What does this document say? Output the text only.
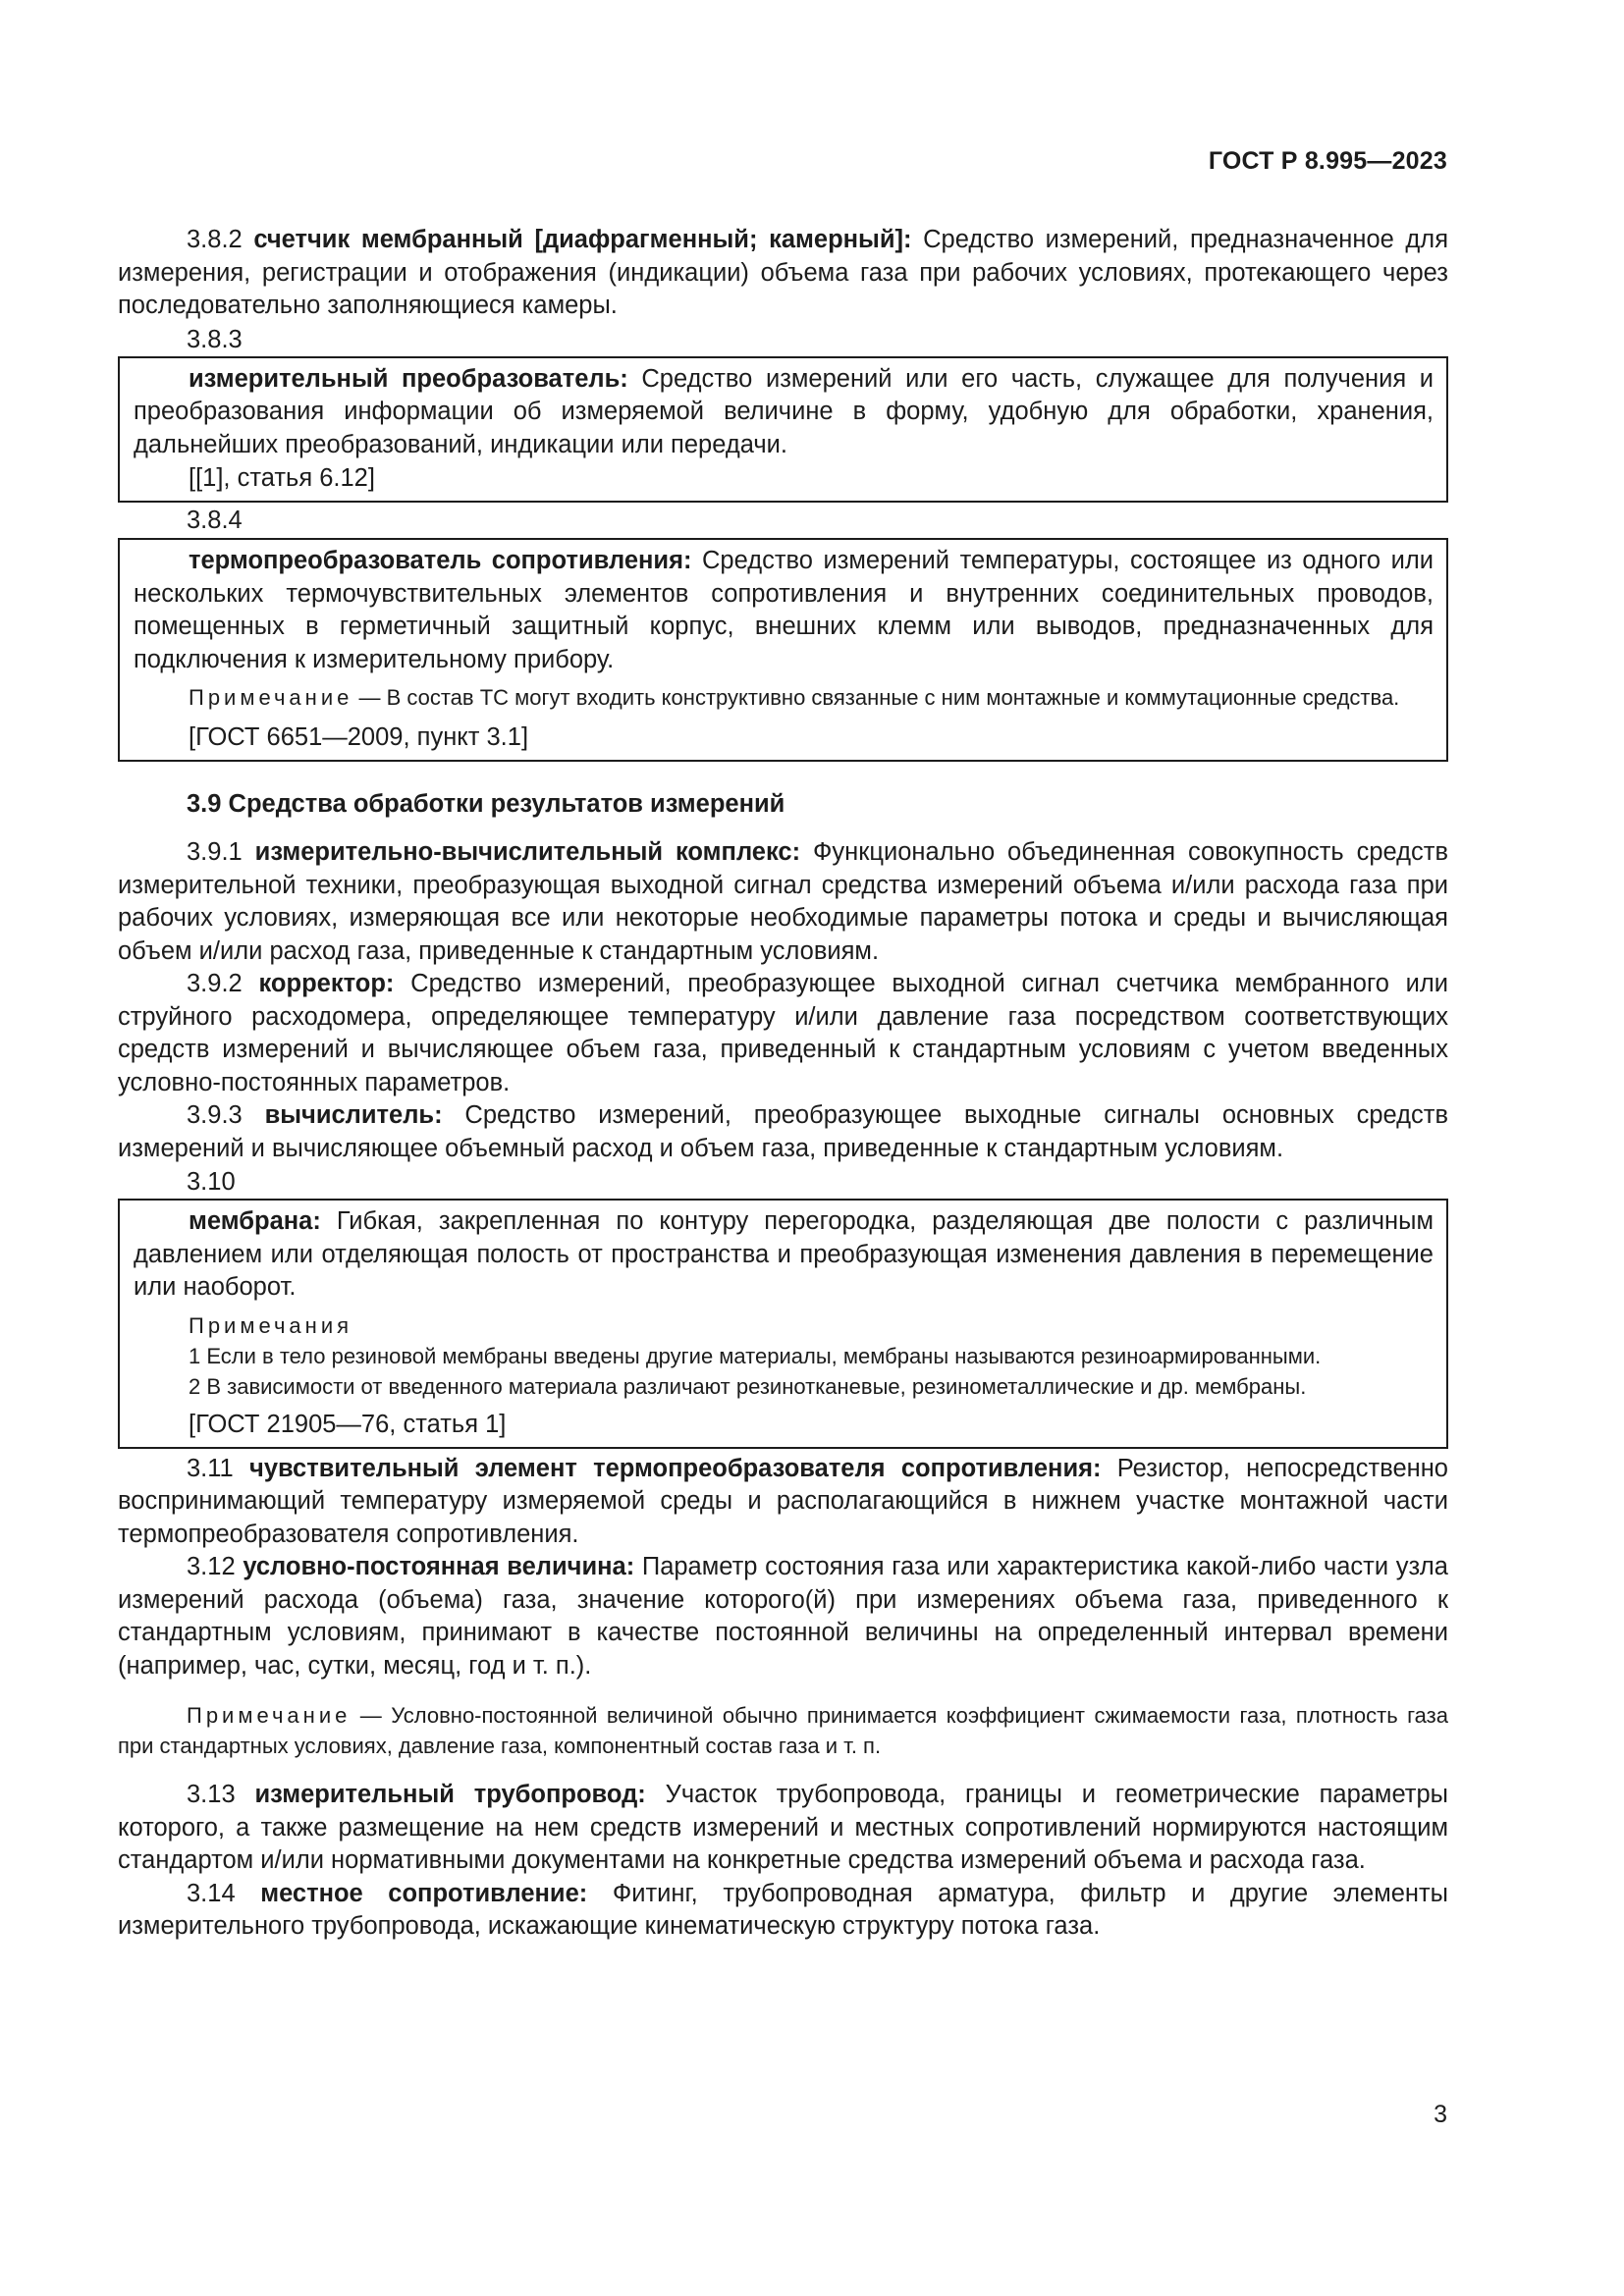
ГОСТ Р 8.995—2023

3.8.2 счетчик мембранный [диафрагменный; камерный]: Средство измерений, предназначенное для измерения, регистрации и отображения (индикации) объема газа при рабочих условиях, протекающего через последовательно заполняющиеся камеры.

3.8.3

измерительный преобразователь: Средство измерений или его часть, служащее для получения и преобразования информации об измеряемой величине в форму, удобную для обработки, хранения, дальнейших преобразований, индикации или передачи.

[[1], статья 6.12]
3.8.4

термопреобразователь сопротивления: Средство измерений температуры, состоящее из одного или нескольких термочувствительных элементов сопротивления и внутренних соединительных проводов, помещенных в герметичный защитный корпус, внешних клемм или выводов, предназначенных для подключения к измерительному прибору.

Примечание — В состав ТС могут входить конструктивно связанные с ним монтажные и коммутационные средства.
[ГОСТ 6651—2009, пункт 3.1]
3.9 Средства обработки результатов измерений

3.9.1 измерительно-вычислительный комплекс: Функционально объединенная совокупность средств измерительной техники, преобразующая выходной сигнал средства измерений объема и/или расхода газа при рабочих условиях, измеряющая все или некоторые необходимые параметры потока и среды и вычисляющая объем и/или расход газа, приведенные к стандартным условиям.

3.9.2 корректор: Средство измерений, преобразующее выходной сигнал счетчика мембранного или струйного расходомера, определяющее температуру и/или давление газа посредством соответствующих средств измерений и вычисляющее объем газа, приведенный к стандартным условиям с учетом введенных условно-постоянных параметров.

3.9.3 вычислитель: Средство измерений, преобразующее выходные сигналы основных средств измерений и вычисляющее объемный расход и объем газа, приведенные к стандартным условиям.

3.10

мембрана: Гибкая, закрепленная по контуру перегородка, разделяющая две полости с различным давлением или отделяющая полость от пространства и преобразующая изменения давления в перемещение или наоборот.

Примечания

1 Если в тело резиновой мембраны введены другие материалы, мембраны называются резиноармированными.

2 В зависимости от введенного материала различают резинотканевые, резинометаллические и др. мембраны.

[ГОСТ 21905—76, статья 1]

3.11 чувствительный элемент термопреобразователя сопротивления: Резистор, непосредственно воспринимающий температуру измеряемой среды и располагающийся в нижнем участке монтажной части термопреобразователя сопротивления.

3.12 условно-постоянная величина: Параметр состояния газа или характеристика какой-либо части узла измерений расхода (объема) газа, значение которогo(й) при измерениях объема газа, приведенного к стандартным условиям, принимают в качестве постоянной величины на определенный интервал времени (например, час, сутки, месяц, год и т. п.).

Примечание — Условно-постоянной величиной обычно принимается коэффициент сжимаемости газа, плотность газа при стандартных условиях, давление газа, компонентный состав газа и т. п.

3.13 измерительный трубопровод: Участок трубопровода, границы и геометрические параметры которого, а также размещение на нем средств измерений и местных сопротивлений нормируются настоящим стандартом и/или нормативными документами на конкретные средства измерений объема и расхода газа.

3.14 местное сопротивление: Фитинг, трубопроводная арматура, фильтр и другие элементы измерительного трубопровода, искажающие кинематическую структуру потока газа.

3
